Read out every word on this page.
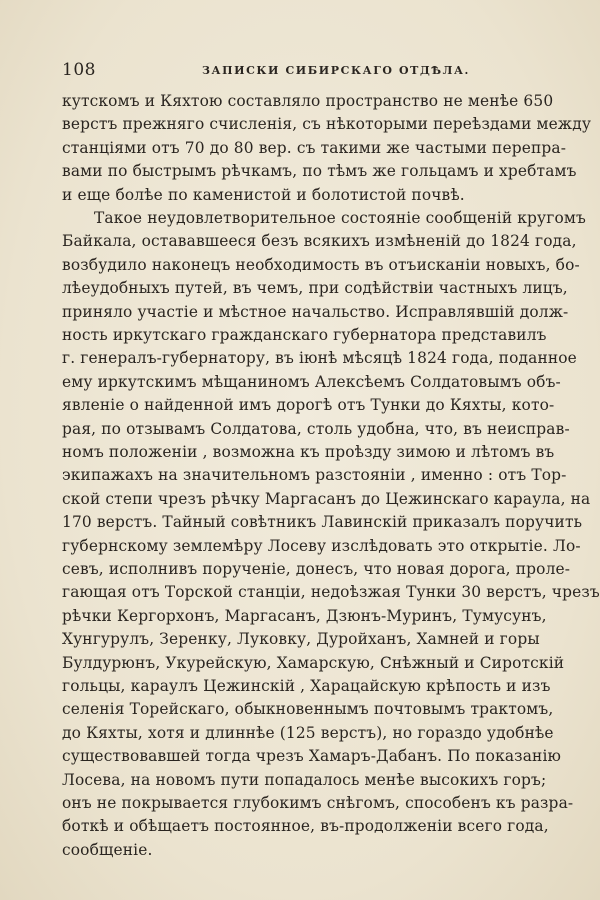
108	ЗАПИСКИ СИБИРСКАГО ОТДѢЛА.
кутскомъ и Кяхтою составляло пространство не менѣе 650
верстъ прежняго счисленія, съ нѣкоторыми переѣздами между
станціями отъ 70 до 80 вер. съ такими же частыми перепра-
вами по быстрымъ рѣчкамъ, по тѣмъ же гольцамъ и хребтамъ
и еще болѣе по каменистой и болотистой почвѣ.
Такое неудовлетворительное состояніе сообщеній кругомъ
Байкала, остававшееся безъ всякихъ измѣненій до 1824 года,
возбудило наконецъ необходимость въ отъисканіи новыхъ, бо-
лѣеудобныхъ путей, въ чемъ, при содѣйствіи частныхъ лицъ,
приняло участіе и мѣстное начальство. Исправлявшій долж-
ность иркутскаго гражданскаго губернатора представилъ
г. генералъ-губернатору, въ іюнѣ мѣсяцѣ 1824 года, поданное
ему иркутскимъ мѣщаниномъ Алексѣемъ Солдатовымъ объ-
явленіе о найденной имъ дорогѣ отъ Тунки до Кяхты, кото-
рая, по отзывамъ Солдатова, столь удобна, что, въ неисправ-
номъ положеніи , возможна къ проѣзду зимою и лѣтомъ въ
экипажахъ на значительномъ разстояніи , именно : отъ Тор-
ской степи чрезъ рѣчку Маргасанъ до Цежинскаго караула, на
170 верстъ. Тайный совѣтникъ Лавинскій приказалъ поручить
губернскому землемѣру Лосеву изслѣдовать это открытіе. Ло-
севъ, исполнивъ порученіе, донесъ, что новая дорога, проле-
гающая отъ Торской станціи, недоѣзжая Тунки 30 верстъ, чрезъ
рѣчки Кергорхонъ, Маргасанъ, Дзюнъ-Муринъ, Тумусунъ,
Хунгурулъ, Зеренку, Луковку, Дуройханъ, Хамней и горы
Булдурюнъ, Укурейскую, Хамарскую, Снѣжный и Сиротскій
гольцы, караулъ Цежинскій , Харацайскую крѣпость и изъ
селенія Торейскаго, обыкновеннымъ почтовымъ трактомъ,
до Кяхты, хотя и длиннѣе (125 верстъ), но гораздо удобнѣе
существовавшей тогда чрезъ Хамаръ-Дабанъ. По показанію
Лосева, на новомъ пути попадалось менѣе высокихъ горъ;
онъ не покрывается глубокимъ снѣгомъ, способенъ къ разра-
боткѣ и обѣщаетъ постоянное, въ-продолженіи всего года,
сообщеніе.
